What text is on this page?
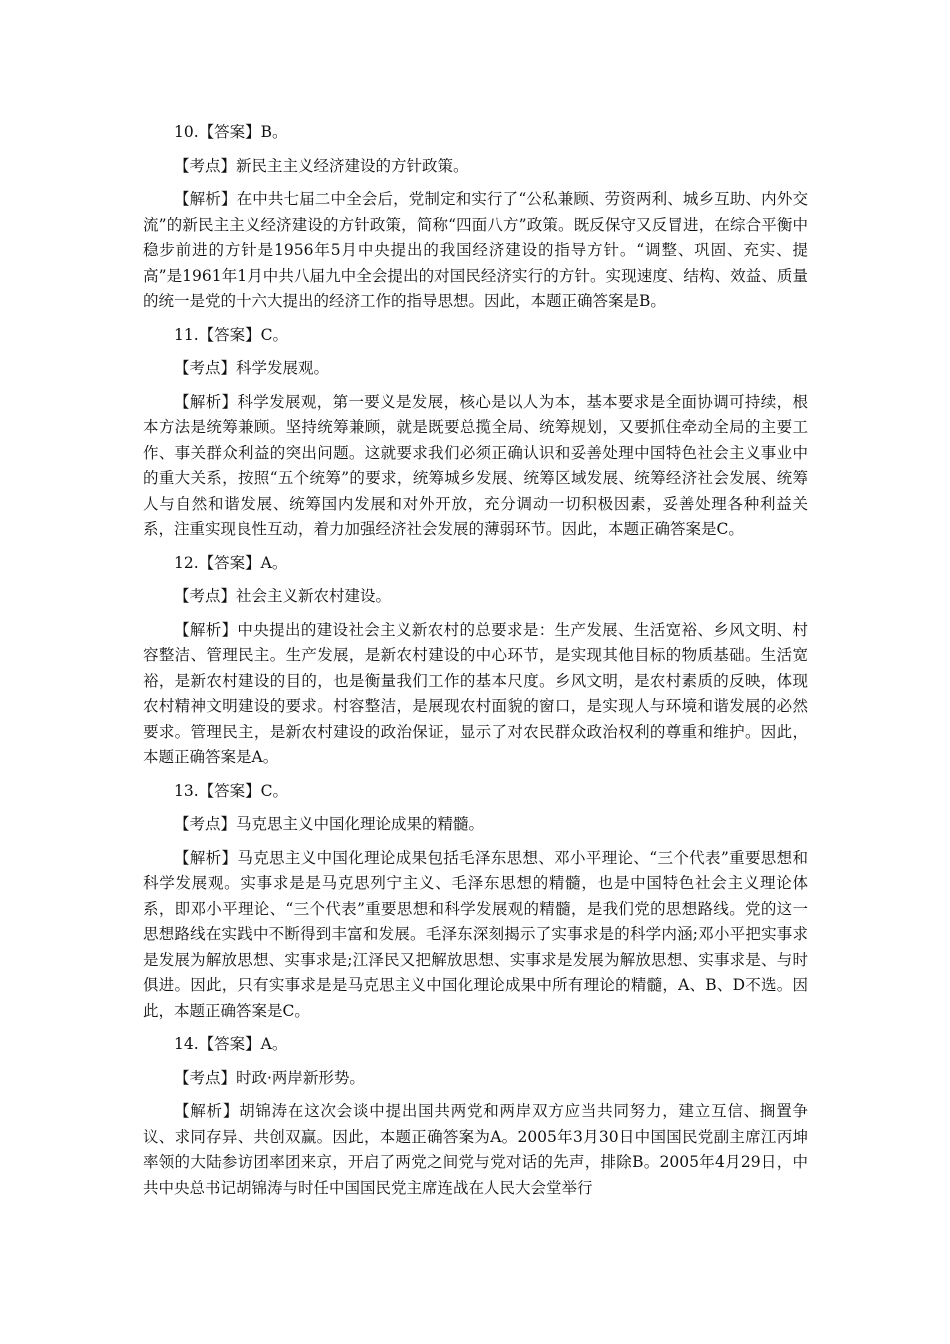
10.【答案】B。

【考点】新民主主义经济建设的方针政策。

【解析】在中共七届二中全会后，党制定和实行了“公私兼顾、劳资两利、城乡互助、内外交流”的新民主主义经济建设的方针政策，简称“四面八方”政策。既反保守又反冒进，在综合平衡中稳步前进的方针是1956年5月中央提出的我国经济建设的指导方针。“调整、巩固、充实、提高”是1961年1月中共八届九中全会提出的对国民经济实行的方针。实现速度、结构、效益、质量的统一是党的十六大提出的经济工作的指导思想。因此，本题正确答案是B。

11.【答案】C。

【考点】科学发展观。

【解析】科学发展观，第一要义是发展，核心是以人为本，基本要求是全面协调可持续，根本方法是统筹兼顾。坚持统筹兼顾，就是既要总揽全局、统筹规划，又要抓住牵动全局的主要工作、事关群众利益的突出问题。这就要求我们必须正确认识和妥善处理中国特色社会主义事业中的重大关系，按照“五个统筹”的要求，统筹城乡发展、统筹区域发展、统筹经济社会发展、统筹人与自然和谐发展、统筹国内发展和对外开放，充分调动一切积极因素，妥善处理各种利益关系，注重实现良性互动，着力加强经济社会发展的薄弱环节。因此，本题正确答案是C。

12.【答案】A。

【考点】社会主义新农村建设。

【解析】中央提出的建设社会主义新农村的总要求是：生产发展、生活宽裕、乡风文明、村容整洁、管理民主。生产发展，是新农村建设的中心环节，是实现其他目标的物质基础。生活宽裕，是新农村建设的目的，也是衡量我们工作的基本尺度。乡风文明，是农村素质的反映，体现农村精神文明建设的要求。村容整洁，是展现农村面貌的窗口，是实现人与环境和谐发展的必然要求。管理民主，是新农村建设的政治保证，显示了对农民群众政治权利的尊重和维护。因此，本题正确答案是A。

13.【答案】C。

【考点】马克思主义中国化理论成果的精髓。

【解析】马克思主义中国化理论成果包括毛泽东思想、邓小平理论、“三个代表”重要思想和科学发展观。实事求是是马克思列宁主义、毛泽东思想的精髓，也是中国特色社会主义理论体系，即邓小平理论、“三个代表”重要思想和科学发展观的精髓，是我们党的思想路线。党的这一思想路线在实践中不断得到丰富和发展。毛泽东深刻揭示了实事求是的科学内涵;邓小平把实事求是发展为解放思想、实事求是;江泽民又把解放思想、实事求是发展为解放思想、实事求是、与时俱进。因此，只有实事求是是马克思主义中国化理论成果中所有理论的精髓，A、B、D不选。因此，本题正确答案是C。

14.【答案】A。

【考点】时政·两岸新形势。

【解析】胡锦涛在这次会谈中提出国共两党和两岸双方应当共同努力，建立互信、搁置争议、求同存异、共创双赢。因此，本题正确答案为A。2005年3月30日中国国民党副主席江丙坤率领的大陆参访团率团来京，开启了两党之间党与党对话的先声，排除B。2005年4月29日，中共中央总书记胡锦涛与时任中国国民党主席连战在人民大会堂举行
